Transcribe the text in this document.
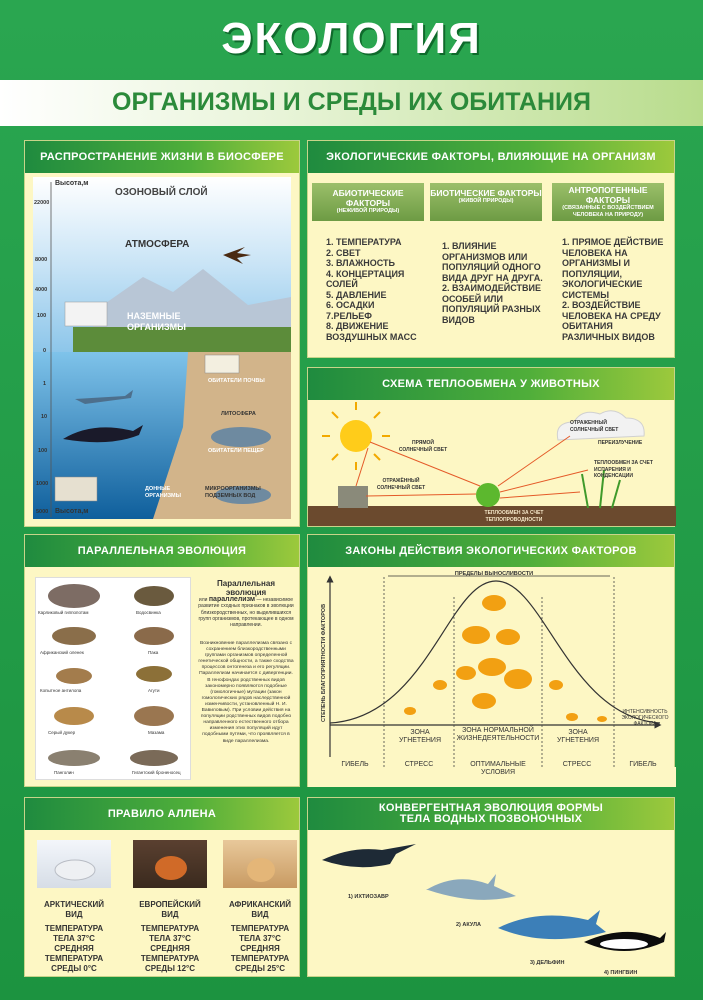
ЭКОЛОГИЯ
ОРГАНИЗМЫ И СРЕДЫ ИХ ОБИТАНИЯ
РАСПРОСТРАНЕНИЕ ЖИЗНИ В БИОСФЕРЕ
Высота,м
Высота,м
22000
8000
4000
100
0
1
10
100
1000
5000
ОЗОНОВЫЙ СЛОЙ
АТМОСФЕРА
НАЗЕМНЫЕ ОРГАНИЗМЫ
ОБИТАТЕЛИ ПОЧВЫ
ЛИТОСФЕРА
ОБИТАТЕЛИ ПЕЩЕР
ДОННЫЕ ОРГАНИЗМЫ
МИКРООРГАНИЗМЫ ПОДЗЕМНЫХ ВОД
ЭКОЛОГИЧЕСКИЕ ФАКТОРЫ, ВЛИЯЮЩИЕ НА ОРГАНИЗМ
АБИОТИЧЕСКИЕ ФАКТОРЫ
(НЕЖИВОЙ ПРИРОДЫ)
БИОТИЧЕСКИЕ ФАКТОРЫ
(ЖИВОЙ ПРИРОДЫ)
АНТРОПОГЕННЫЕ ФАКТОРЫ
(СВЯЗАННЫЕ С ВОЗДЕЙСТВИЕМ ЧЕЛОВЕКА НА ПРИРОДУ)
1. ТЕМПЕРАТУРА
2. СВЕТ
3. ВЛАЖНОСТЬ
4. КОНЦЕРТАЦИЯ СОЛЕЙ
5. ДАВЛЕНИЕ
6. ОСАДКИ
7.РЕЛЬЕФ
8. ДВИЖЕНИЕ ВОЗДУШНЫХ МАСС
1. ВЛИЯНИЕ ОРГАНИЗМОВ ИЛИ ПОПУЛЯЦИЙ ОДНОГО ВИДА ДРУГ НА ДРУГА.
2. ВЗАИМОДЕЙСТВИЕ ОСОБЕЙ ИЛИ ПОПУЛЯЦИЙ РАЗНЫХ ВИДОВ
1. ПРЯМОЕ ДЕЙСТВИЕ ЧЕЛОВЕКА НА ОРГАНИЗМЫ И ПОПУЛЯЦИИ, ЭКОЛОГИЧЕСКИЕ СИСТЕМЫ
2. ВОЗДЕЙСТВИЕ ЧЕЛОВЕКА НА СРЕДУ ОБИТАНИЯ РАЗЛИЧНЫХ ВИДОВ
СХЕМА ТЕПЛООБМЕНА У ЖИВОТНЫХ
ОТРАЖЕННЫЙ СОЛНЕЧНЫЙ СВЕТ
ПРЯМОЙ СОЛНЕЧНЫЙ СВЕТ
ОТРАЖЁННЫЙ СОЛНЕЧНЫЙ СВЕТ
ПЕРЕИЗЛУЧЕНИЕ
ТЕПЛООБМЕН ЗА СЧЕТ ИСПАРЕНИЯ И КОНДЕНСАЦИИ
ТЕПЛООБМЕН ЗА СЧЕТ ТЕПЛОПРОВОДНОСТИ
ПАРАЛЛЕЛЬНАЯ ЭВОЛЮЦИЯ
Карликовый гиппопотам	Водосвинка
Африканский оленек	Пака
Копытное антилопа	Агути
Серый дукер	Мазама
Панголин	Гигантский броненосец
Параллельная эволюция
или параллелизм — независимое развитие сходных признаков в эволюции близкородственных, но выделившихся групп организмов, протекающее в одном направлении.
Возникновение параллелизма связано с сохранением близкородственными группами организмов определенной генетической общности, а также сходства процессов онтогенеза и его регуляции. Параллелизм начинается с дивергенции. В генофондах родственных видов закономерно появляются подобные (гомологичные) мутации (закон гомологических рядов наследственной изменчивости, установленный Н. И. Вавиловым). При условии действия на популяции родственных видов подобно направленного естественного отбора изменения этих популяций идут подобными путями, что проявляется в виде параллелизма.
ЗАКОНЫ ДЕЙСТВИЯ ЭКОЛОГИЧЕСКИХ ФАКТОРОВ
ПРЕДЕЛЫ ВЫНОСЛИВОСТИ
СТЕПЕНЬ БЛАГОПРИЯТНОСТИ ФАКТОРОВ	ИНТЕНСИВНОСТЬ ЭКОЛОГИЧЕСКОГО ФАКТОРА
ЗОНА УГНЕТЕНИЯ
ЗОНА НОРМАЛЬНОЙ ЖИЗНЕДЕЯТЕЛЬНОСТИ
ЗОНА УГНЕТЕНИЯ
ГИБЕЛЬ	СТРЕСС	ОПТИМАЛЬНЫЕ УСЛОВИЯ
СТРЕСС	ГИБЕЛЬ
ПРАВИЛО АЛЛЕНА
АРКТИЧЕСКИЙ ВИД
ТЕМПЕРАТУРА ТЕЛА 37°С
СРЕДНЯЯ ТЕМПЕРАТУРА СРЕДЫ 0°С
ЕВРОПЕЙСКИЙ ВИД
ТЕМПЕРАТУРА ТЕЛА 37°С
СРЕДНЯЯ ТЕМПЕРАТУРА СРЕДЫ 12°С
АФРИКАНСКИЙ ВИД
ТЕМПЕРАТУРА ТЕЛА 37°С
СРЕДНЯЯ ТЕМПЕРАТУРА СРЕДЫ 25°С
КОНВЕРГЕНТНАЯ ЭВОЛЮЦИЯ ФОРМЫ ТЕЛА ВОДНЫХ ПОЗВОНОЧНЫХ
1) ИХТИОЗАВР
2) АКУЛА
3) ДЕЛЬФИН
4) ПИНГВИН
